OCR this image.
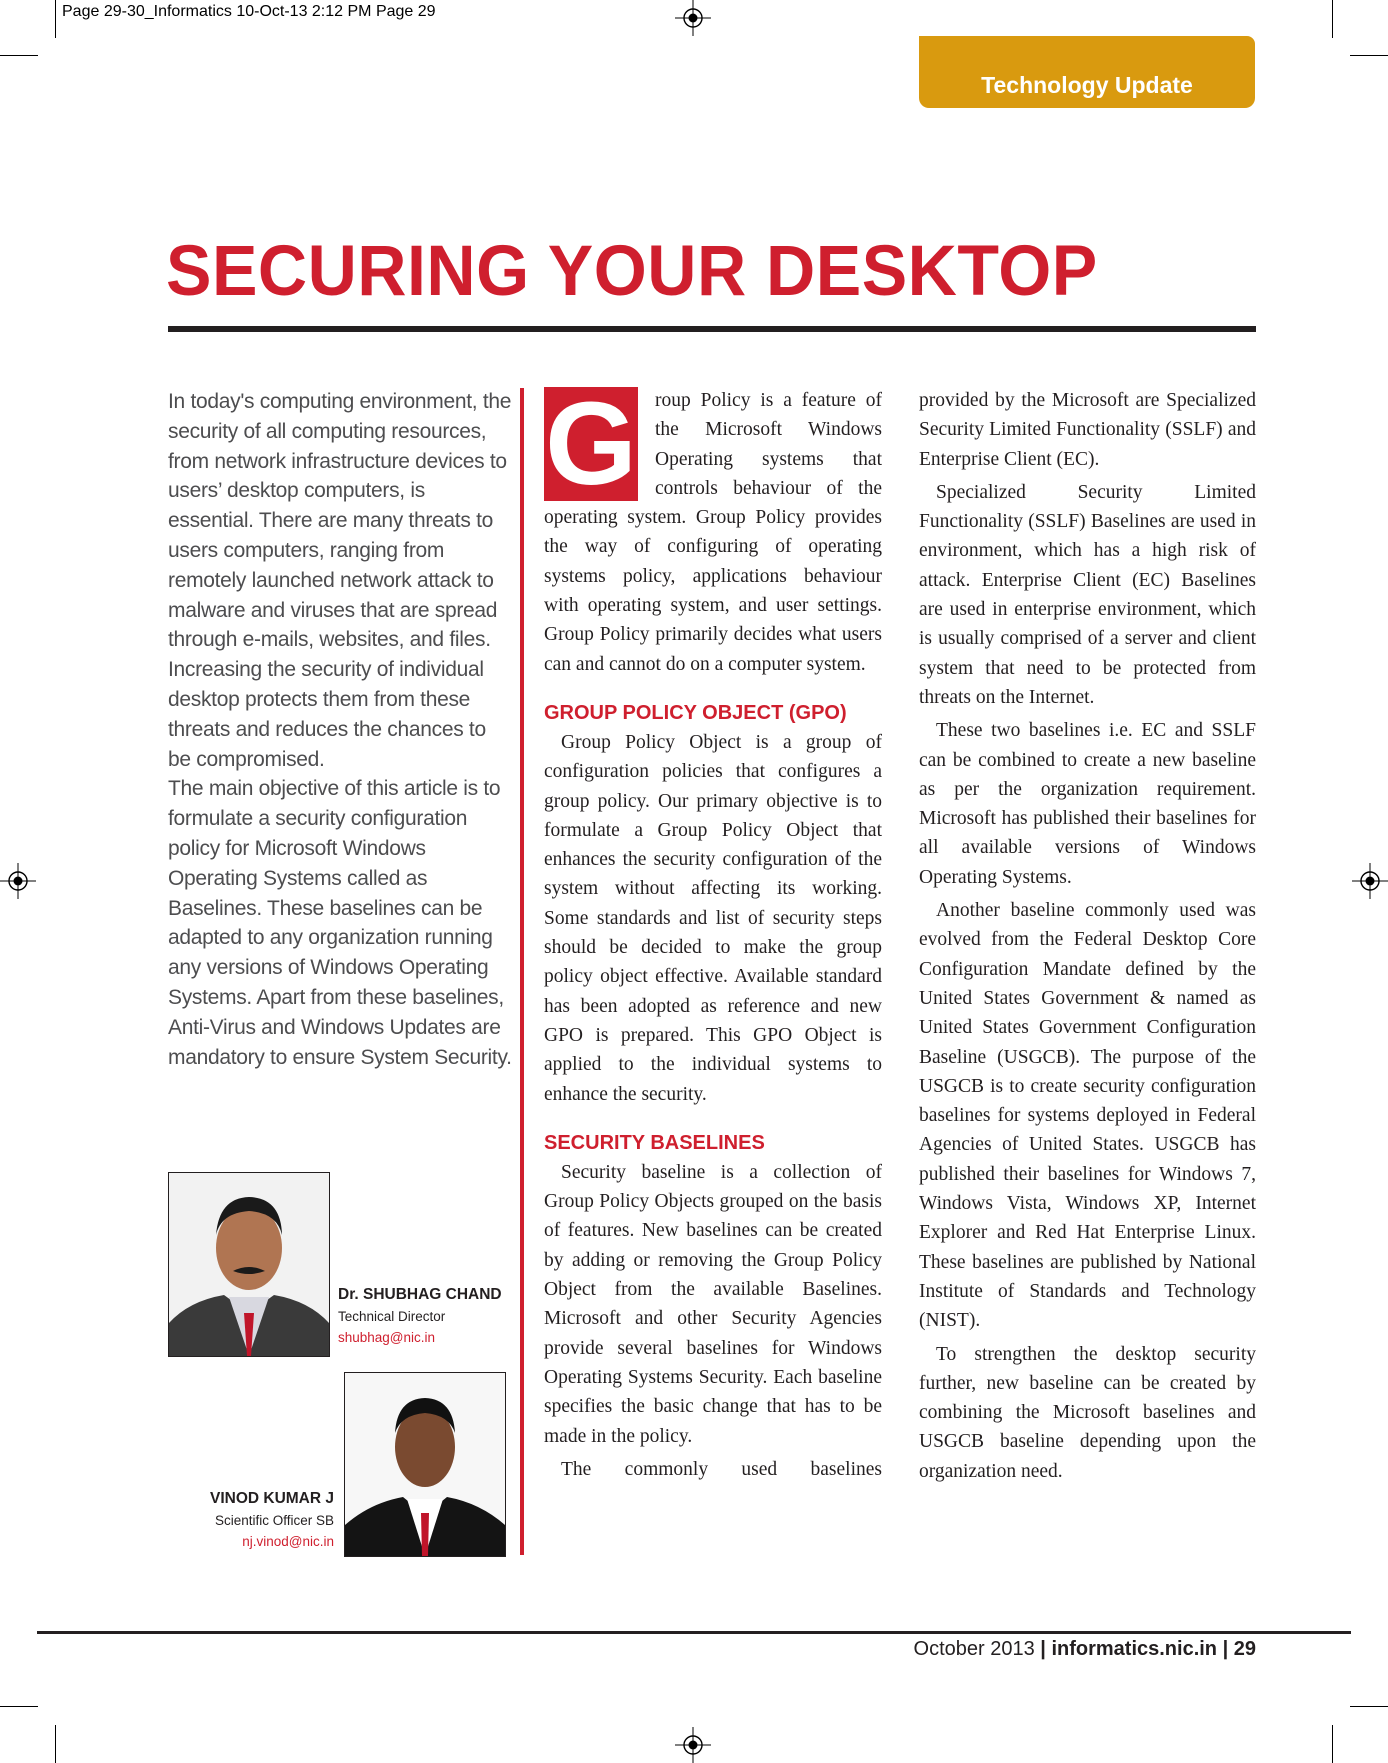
Page 29-30_Informatics 10-Oct-13 2:12 PM Page 29
Technology Update
SECURING YOUR DESKTOP

In today's computing environment, the security of all computing resources, from network infrastructure devices to users’ desktop computers, is essential. There are many threats to users computers, ranging from remotely launched network attack to malware and viruses that are spread through e-mails, websites, and files. Increasing the security of individual desktop protects them from these threats and reduces the chances to be compromised.

The main objective of this article is to formulate a security configuration policy for Microsoft Windows Operating Systems called as Baselines. These baselines can be adapted to any organization running any versions of Windows Operating Systems. Apart from these baselines, Anti-Virus and Windows Updates are mandatory to ensure System Security.

Dr. SHUBHAG CHAND
Technical Director
shubhag@nic.in
VINOD KUMAR J
Scientific Officer SB
nj.vinod@nic.in
G roup Policy is a feature of the Microsoft Windows Operating systems that controls behaviour of the operating system. Group Policy provides the way of configuring of operating systems policy, applications behaviour with operating system, and user settings. Group Policy primarily decides what users can and cannot do on a computer system.

GROUP POLICY OBJECT (GPO)

Group Policy Object is a group of configuration policies that configures a group policy. Our primary objective is to formulate a Group Policy Object that enhances the security configuration of the system without affecting its working. Some standards and list of security steps should be decided to make the group policy object effective. Available standard has been adopted as reference and new GPO is prepared. This GPO Object is applied to the individual systems to enhance the security.

SECURITY BASELINES

Security baseline is a collection of Group Policy Objects grouped on the basis of features. New baselines can be created by adding or removing the Group Policy Object from the available Baselines. Microsoft and other Security Agencies provide several baselines for Windows Operating Systems Security. Each baseline specifies the basic change that has to be made in the policy.

The commonly used baselines

provided by the Microsoft are Specialized Security Limited Functionality (SSLF) and Enterprise Client (EC).

Specialized Security Limited Functionality (SSLF) Baselines are used in environment, which has a high risk of attack. Enterprise Client (EC) Baselines are used in enterprise environment, which is usually comprised of a server and client system that need to be protected from threats on the Internet.

These two baselines i.e. EC and SSLF can be combined to create a new baseline as per the organization requirement. Microsoft has published their baselines for all available versions of Windows Operating Systems.

Another baseline commonly used was evolved from the Federal Desktop Core Configuration Mandate defined by the United States Government & named as United States Government Configuration Baseline (USGCB). The purpose of the USGCB is to create security configuration baselines for systems deployed in Federal Agencies of United States. USGCB has published their baselines for Windows 7, Windows Vista, Windows XP, Internet Explorer and Red Hat Enterprise Linux. These baselines are published by National Institute of Standards and Technology (NIST).

To strengthen the desktop security further, new baseline can be created by combining the Microsoft baselines and USGCB baseline depending upon the organization need.

October 2013 | informatics.nic.in | 29
